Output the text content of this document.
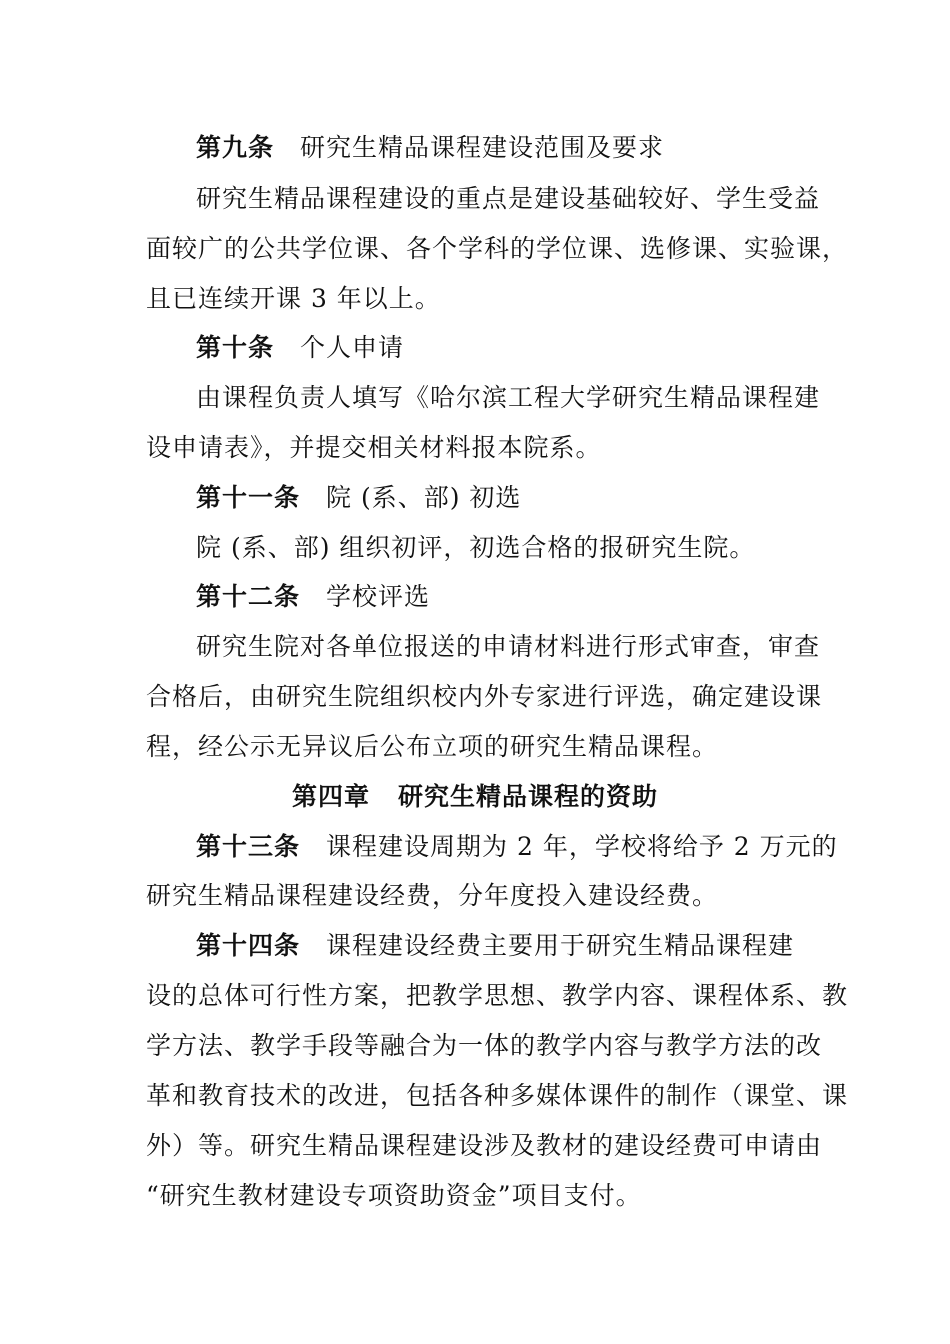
第九条 研究生精品课程建设范围及要求
研究生精品课程建设的重点是建设基础较好、学生受益
面较广的公共学位课、各个学科的学位课、选修课、实验课，
且已连续开课 3 年以上。
第十条 个人申请
由课程负责人填写《哈尔滨工程大学研究生精品课程建
设申请表》，并提交相关材料报本院系。
第十一条 院 (系、部) 初选
院 (系、部) 组织初评，初选合格的报研究生院。
第十二条 学校评选
研究生院对各单位报送的申请材料进行形式审查，审查
合格后，由研究生院组织校内外专家进行评选，确定建设课
程，经公示无异议后公布立项的研究生精品课程。
第四章 研究生精品课程的资助
第十三条 课程建设周期为 2 年，学校将给予 2 万元的
研究生精品课程建设经费，分年度投入建设经费。
第十四条 课程建设经费主要用于研究生精品课程建
设的总体可行性方案，把教学思想、教学内容、课程体系、教
学方法、教学手段等融合为一体的教学内容与教学方法的改
革和教育技术的改进，包括各种多媒体课件的制作（课堂、课
外）等。研究生精品课程建设涉及教材的建设经费可申请由
“研究生教材建设专项资助资金”项目支付。
